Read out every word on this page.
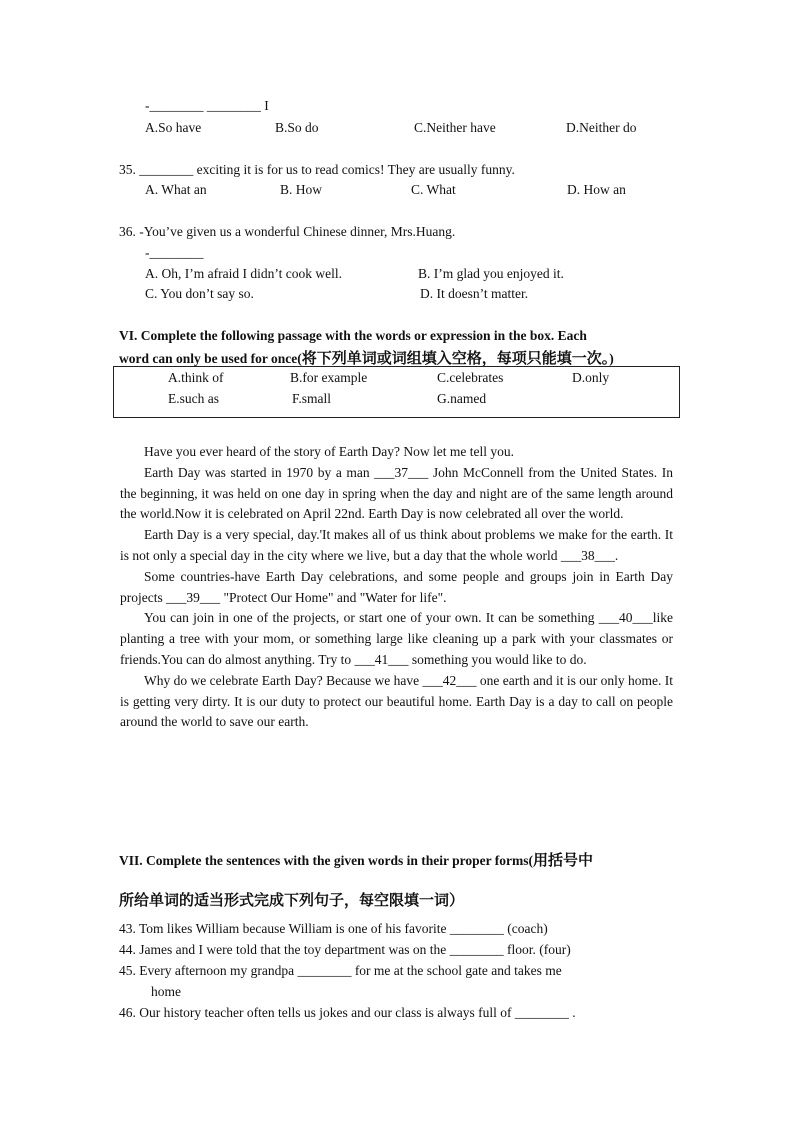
-________ ________ I
A.So have	B.So do	C.Neither have	D.Neither do
35. ________ exciting it is for us to read comics! They are usually funny.
A. What an	B. How	C. What	D. How an
36. -You’ve given us a wonderful Chinese dinner, Mrs.Huang.
-________
A. Oh, I’m afraid I didn’t cook well.	B. I’m glad you enjoyed it.
C. You don’t say so.	D. It doesn’t matter.
VI. Complete the following passage with the words or expression in the box. Each
word can only be used for once(将下列单词或词组填入空格，每项只能填一次。)
A.think of	B.for example	C.celebrates	D.only
E.such as	F.small	G.named

Have you ever heard of the story of Earth Day? Now let me tell you.

Earth Day was started in 1970 by a man ___37___ John McConnell from the United States. In the beginning, it was held on one day in spring when the day and night are of the same length around the world.Now it is celebrated on April 22nd. Earth Day is now celebrated all over the world.

Earth Day is a very special, day.'It makes all of us think about problems we make for the earth. It is not only a special day in the city where we live, but a day that the whole world ___38___.

Some countries-have Earth Day celebrations, and some people and groups join in Earth Day projects ___39___ "Protect Our Home" and "Water for life".

You can join in one of the projects, or start one of your own. It can be something ___40___like planting a tree with your mom, or something large like cleaning up a park with your classmates or friends.You can do almost anything. Try to ___41___ something you would like to do.

Why do we celebrate Earth Day? Because we have ___42___ one earth and it is our only home. It is getting very dirty. It is our duty to protect our beautiful home. Earth Day is a day to call on people around the world to save our earth.

VII. Complete the sentences with the given words in their proper forms(用括号中
所给单词的适当形式完成下列句子，每空限填一词）
43. Tom likes William because William is one of his favorite ________ (coach)
44. James and I were told that the toy department was on the ________ floor. (four)
45. Every afternoon my grandpa ________ for me at the school gate and takes me
home
46. Our history teacher often tells us jokes and our class is always full of ________ .
